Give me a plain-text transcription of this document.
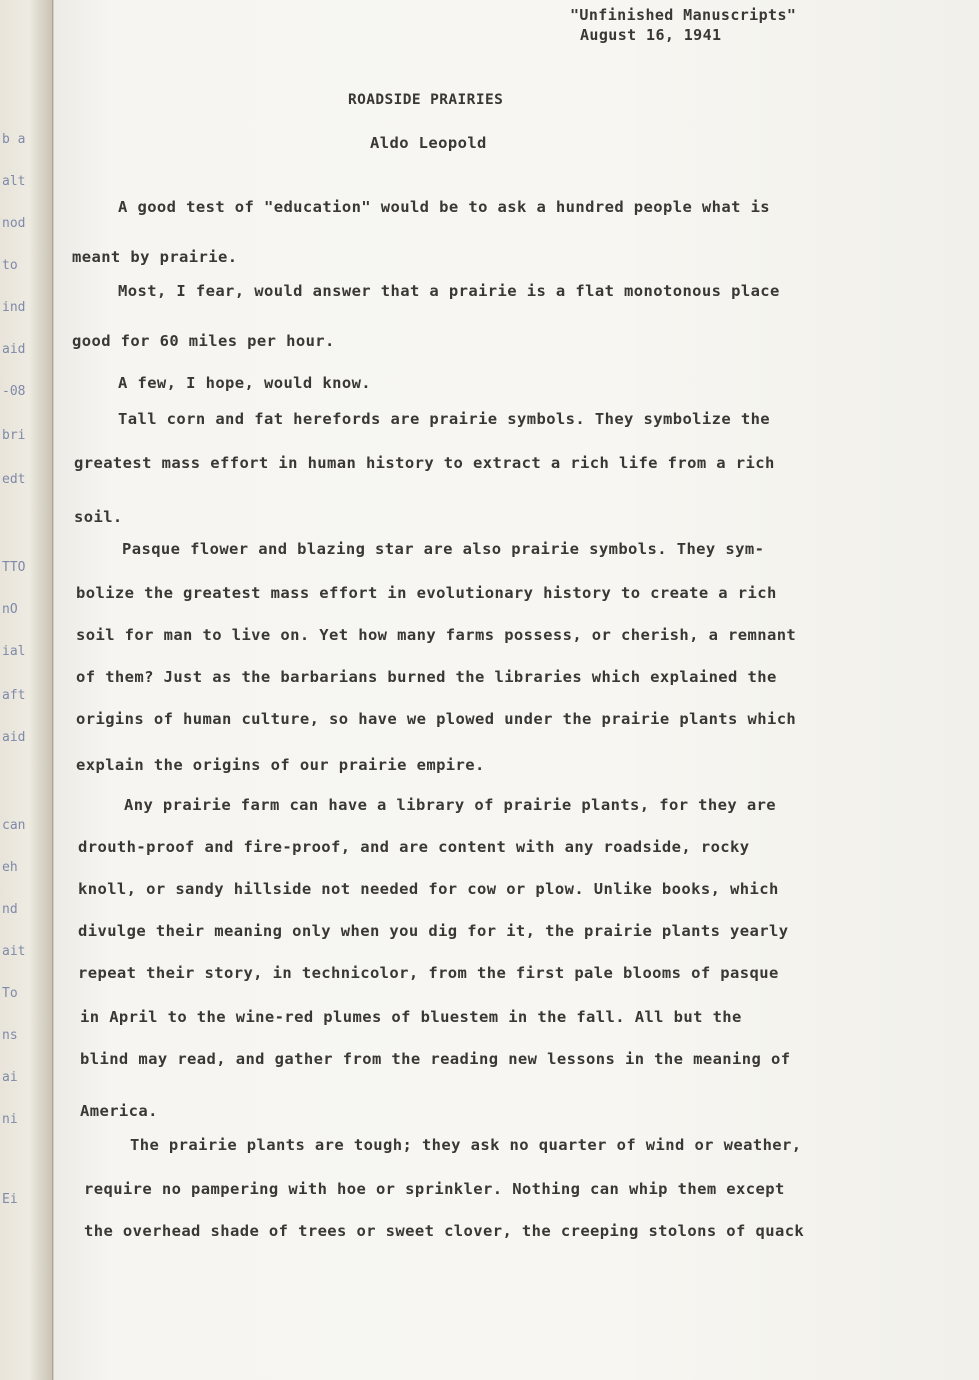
b a
alt
nod
to
ind
aid
-08
bri
edt
TTO
nO
ial
aft
aid
can
eh
nd
ait
To
ns
ai
ni
Ei
"Unfinished Manuscripts"
August 16, 1941
ROADSIDE PRAIRIES
Aldo Leopold
A good test of "education" would be to ask a hundred people what is
meant by prairie.
Most, I fear, would answer that a prairie is a flat monotonous place
good for 60 miles per hour.
A few, I hope, would know.
Tall corn and fat herefords are prairie symbols. They symbolize the
greatest mass effort in human history to extract a rich life from a rich
soil.
Pasque flower and blazing star are also prairie symbols. They sym-
bolize the greatest mass effort in evolutionary history to create a rich
soil for man to live on. Yet how many farms possess, or cherish, a remnant
of them? Just as the barbarians burned the libraries which explained the
origins of human culture, so have we plowed under the prairie plants which
explain the origins of our prairie empire.
Any prairie farm can have a library of prairie plants, for they are
drouth-proof and fire-proof, and are content with any roadside, rocky
knoll, or sandy hillside not needed for cow or plow. Unlike books, which
divulge their meaning only when you dig for it, the prairie plants yearly
repeat their story, in technicolor, from the first pale blooms of pasque
in April to the wine-red plumes of bluestem in the fall. All but the
blind may read, and gather from the reading new lessons in the meaning of
America.
The prairie plants are tough; they ask no quarter of wind or weather,
require no pampering with hoe or sprinkler. Nothing can whip them except
the overhead shade of trees or sweet clover, the creeping stolons of quack
